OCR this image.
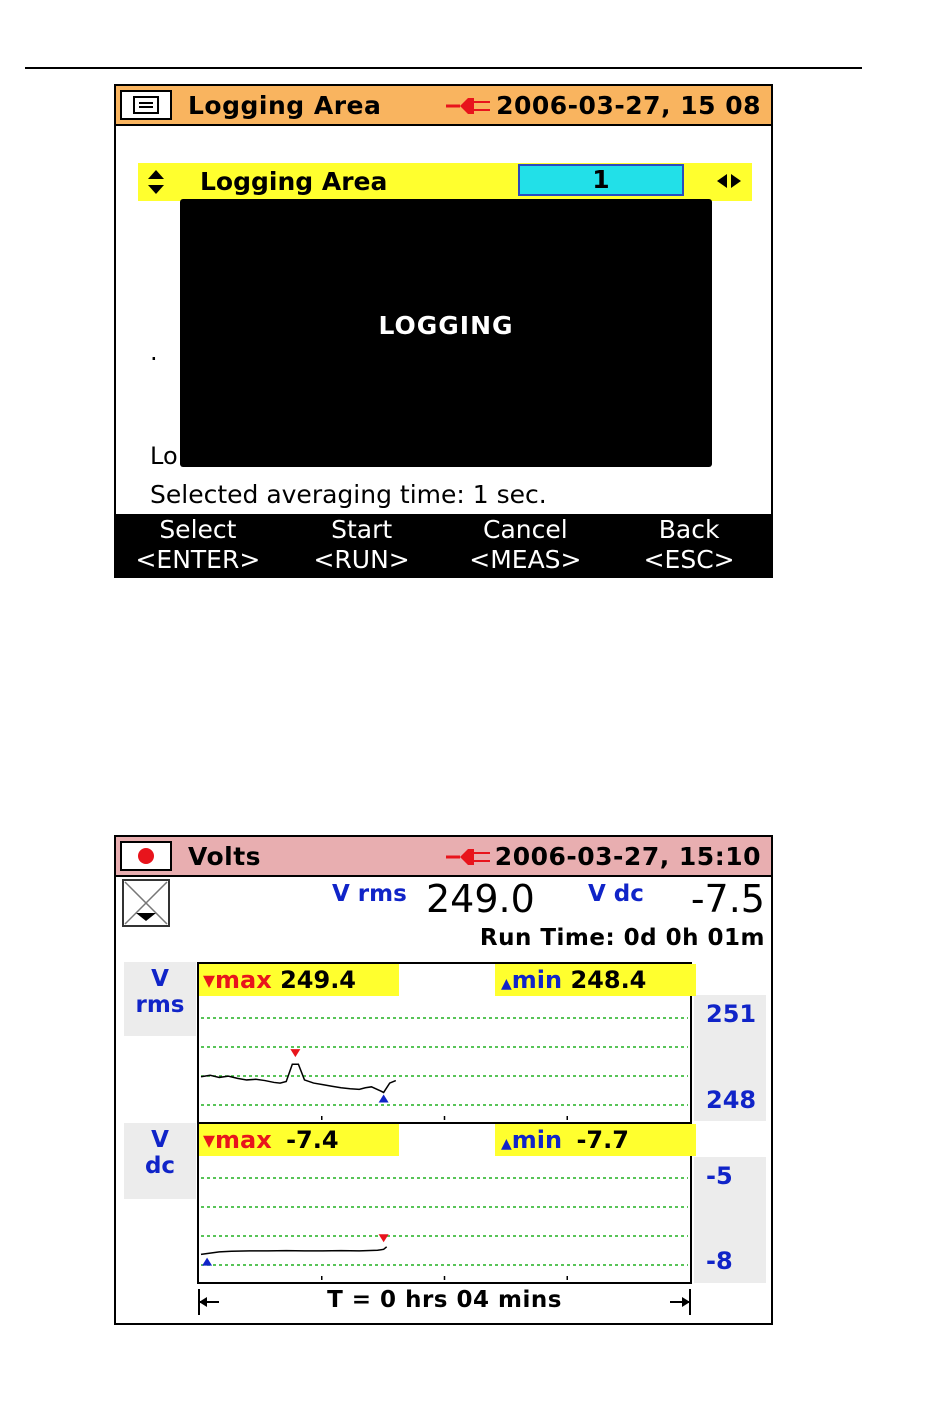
Logging Area	2006-03-27, 15 08
Logging Area	1
.
Lo
LOGGING
Selected averaging time: 1 sec.
Select
<ENTER>
Start
<RUN>
Cancel
<MEAS>
Back
<ESC>
Volts	2006-03-27, 15:10
V rms 249.0 V dc -7.5
Run Time: 0d 0h 01m
V
rms	251
248
▾max 249.4	▲min 248.4
V
dc	-5
-8
▾max -7.4	▲min -7.7
T = 0 hrs 04 mins
